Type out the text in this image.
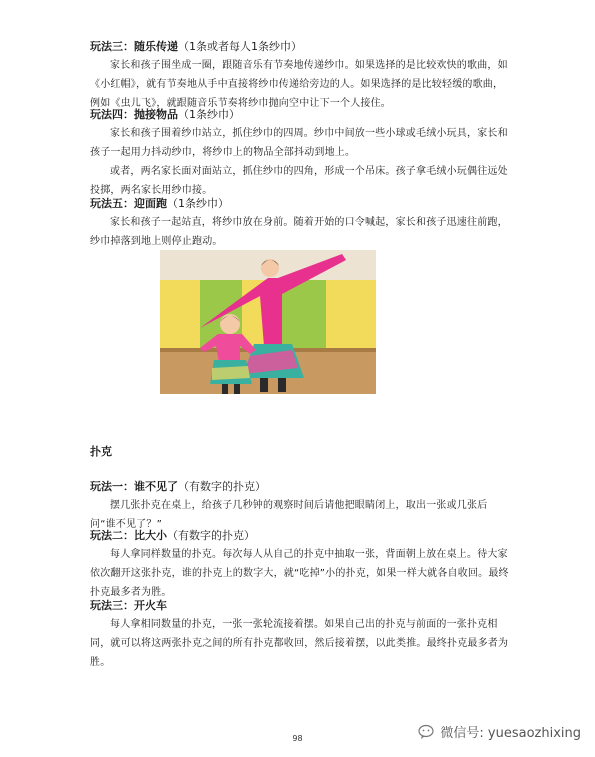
玩法三：随乐传递（1条或者每人1条纱巾）

家长和孩子围坐成一圈，跟随音乐有节奏地传递纱巾。如果选择的是比较欢快的歌曲，如《小红帽》，就有节奏地从手中直接将纱巾传递给旁边的人。如果选择的是比较轻缓的歌曲，例如《虫儿飞》，就跟随音乐节奏将纱巾抛向空中让下一个人接住。

玩法四：抛接物品（1条纱巾）

家长和孩子围着纱巾站立，抓住纱巾的四周。纱巾中间放一些小球或毛绒小玩具，家长和孩子一起用力抖动纱巾，将纱巾上的物品全部抖动到地上。

或者，两名家长面对面站立，抓住纱巾的四角，形成一个吊床。孩子拿毛绒小玩偶往远处投掷，两名家长用纱巾接。

玩法五：迎面跑（1条纱巾）

家长和孩子一起站直，将纱巾放在身前。随着开始的口令喊起，家长和孩子迅速往前跑，纱巾掉落到地上则停止跑动。

扑克

玩法一：谁不见了（有数字的扑克）

摆几张扑克在桌上，给孩子几秒钟的观察时间后请他把眼睛闭上，取出一张或几张后问“谁不见了？”

玩法二：比大小（有数字的扑克）

每人拿同样数量的扑克。每次每人从自己的扑克中抽取一张，背面朝上放在桌上。待大家依次翻开这张扑克，谁的扑克上的数字大，就“吃掉”小的扑克，如果一样大就各自收回。最终扑克最多者为胜。

玩法三：开火车

每人拿相同数量的扑克，一张一张轮流接着摆。如果自己出的扑克与前面的一张扑克相同，就可以将这两张扑克之间的所有扑克都收回，然后接着摆，以此类推。最终扑克最多者为胜。

98	微信号: yuesaozhixing
